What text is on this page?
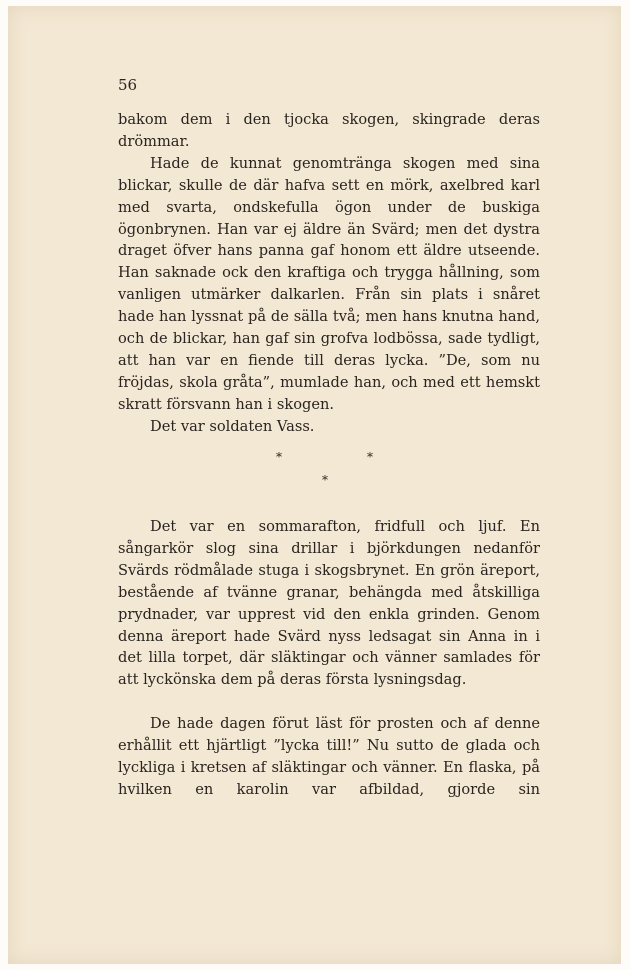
56

bakom dem i den tjocka skogen, skingrade deras drömmar.

Hade de kunnat genomtränga skogen med sina blickar, skulle de där hafva sett en mörk, axelbred karl med svarta, ondskefulla ögon under de buskiga ögonbrynen. Han var ej äldre än Svärd; men det dystra draget öfver hans panna gaf honom ett äldre utseende. Han saknade ock den kraftiga och trygga hållning, som vanligen utmärker dalkarlen. Från sin plats i snåret hade han lyssnat på de sälla två; men hans knutna hand, och de blickar, han gaf sin grofva lodbössa, sade tydligt, att han var en fiende till deras lycka. ”De, som nu fröjdas, skola gråta”, mumlade han, och med ett hemskt skratt försvann han i skogen.

Det var soldaten Vass.

*	*
*

Det var en sommarafton, fridfull och ljuf. En sångarkör slog sina drillar i björkdungen nedanför Svärds rödmålade stuga i skogsbrynet. En grön äreport, bestående af tvänne granar, behängda med åtskilliga prydnader, var upprest vid den enkla grinden. Genom denna äreport hade Svärd nyss ledsagat sin Anna in i det lilla torpet, där släktingar och vänner samlades för att lyckönska dem på deras första lysningsdag.

De hade dagen förut läst för prosten och af denne erhållit ett hjärtligt ”lycka till!” Nu sutto de glada och lyckliga i kretsen af släktingar och vänner. En flaska, på hvilken en karolin var afbildad, gjorde sin
